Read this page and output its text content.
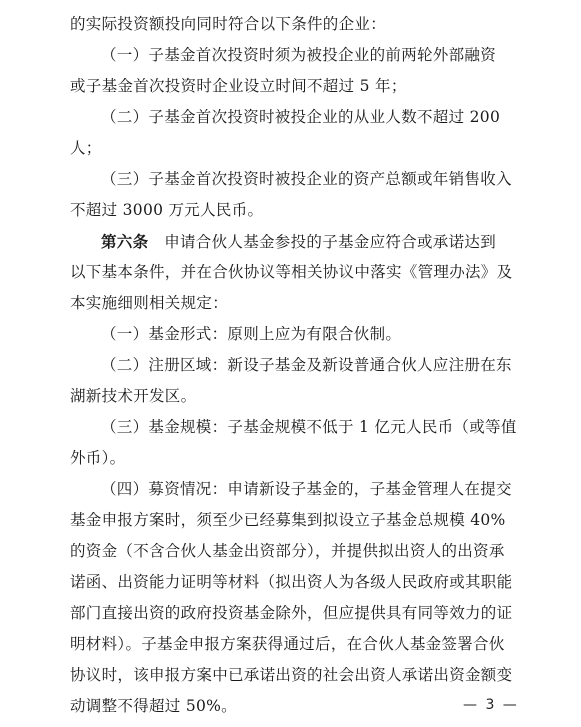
的实际投资额投向同时符合以下条件的企业：
（一）子基金首次投资时须为被投企业的前两轮外部融资
或子基金首次投资时企业设立时间不超过 5 年；
（二）子基金首次投资时被投企业的从业人数不超过 200
人；
（三）子基金首次投资时被投企业的资产总额或年销售收入
不超过 3000 万元人民币。
第六条　申请合伙人基金参投的子基金应符合或承诺达到
以下基本条件，并在合伙协议等相关协议中落实《管理办法》及
本实施细则相关规定：
（一）基金形式：原则上应为有限合伙制。
（二）注册区域：新设子基金及新设普通合伙人应注册在东
湖新技术开发区。
（三）基金规模：子基金规模不低于 1 亿元人民币（或等值
外币）。
（四）募资情况：申请新设子基金的，子基金管理人在提交
基金申报方案时，须至少已经募集到拟设立子基金总规模 40%
的资金（不含合伙人基金出资部分），并提供拟出资人的出资承
诺函、出资能力证明等材料（拟出资人为各级人民政府或其职能
部门直接出资的政府投资基金除外，但应提供具有同等效力的证
明材料）。子基金申报方案获得通过后，在合伙人基金签署合伙
协议时，该申报方案中已承诺出资的社会出资人承诺出资金额变
动调整不得超过 50%。	— 3 —
